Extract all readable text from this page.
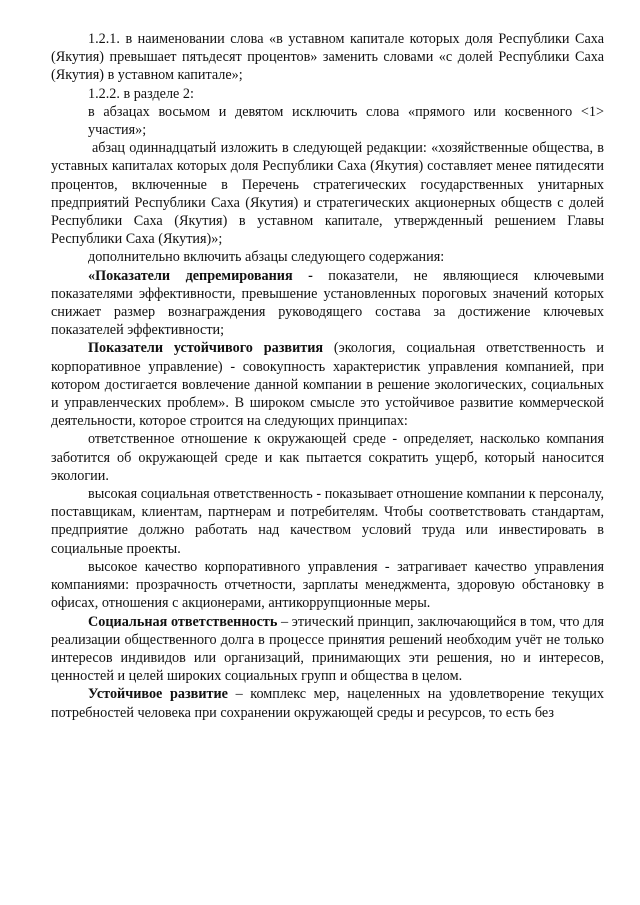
1.2.1. в наименовании слова «в уставном капитале которых доля Республики Саха (Якутия) превышает пятьдесят процентов» заменить словами «с долей Республики Саха (Якутия) в уставном капитале»;

1.2.2. в разделе 2:

в абзацах восьмом и девятом исключить слова «прямого или косвенного <1> участия»;

абзац одиннадцатый изложить в следующей редакции: «хозяйственные общества, в уставных капиталах которых доля Республики Саха (Якутия) составляет менее пятидесяти процентов, включенные в Перечень стратегических государственных унитарных предприятий Республики Саха (Якутия) и стратегических акционерных обществ с долей Республики Саха (Якутия) в уставном капитале, утвержденный решением Главы Республики Саха (Якутия)»;

дополнительно включить абзацы следующего содержания:

«Показатели депремирования - показатели, не являющиеся ключевыми показателями эффективности, превышение установленных пороговых значений которых снижает размер вознаграждения руководящего состава за достижение ключевых показателей эффективности;

Показатели устойчивого развития (экология, социальная ответственность и корпоративное управление) - совокупность характеристик управления компанией, при котором достигается вовлечение данной компании в решение экологических, социальных и управленческих проблем». В широком смысле это устойчивое развитие коммерческой деятельности, которое строится на следующих принципах:

ответственное отношение к окружающей среде - определяет, насколько компания заботится об окружающей среде и как пытается сократить ущерб, который наносится экологии.

высокая социальная ответственность - показывает отношение компании к персоналу, поставщикам, клиентам, партнерам и потребителям. Чтобы соответствовать стандартам, предприятие должно работать над качеством условий труда или инвестировать в социальные проекты.

высокое качество корпоративного управления - затрагивает качество управления компаниями: прозрачность отчетности, зарплаты менеджмента, здоровую обстановку в офисах, отношения с акционерами, антикоррупционные меры.

Социальная ответственность – этический принцип, заключающийся в том, что для реализации общественного долга в процессе принятия решений необходим учёт не только интересов индивидов или организаций, принимающих эти решения, но и интересов, ценностей и целей широких социальных групп и общества в целом.

Устойчивое развитие – комплекс мер, нацеленных на удовлетворение текущих потребностей человека при сохранении окружающей среды и ресурсов, то есть без
